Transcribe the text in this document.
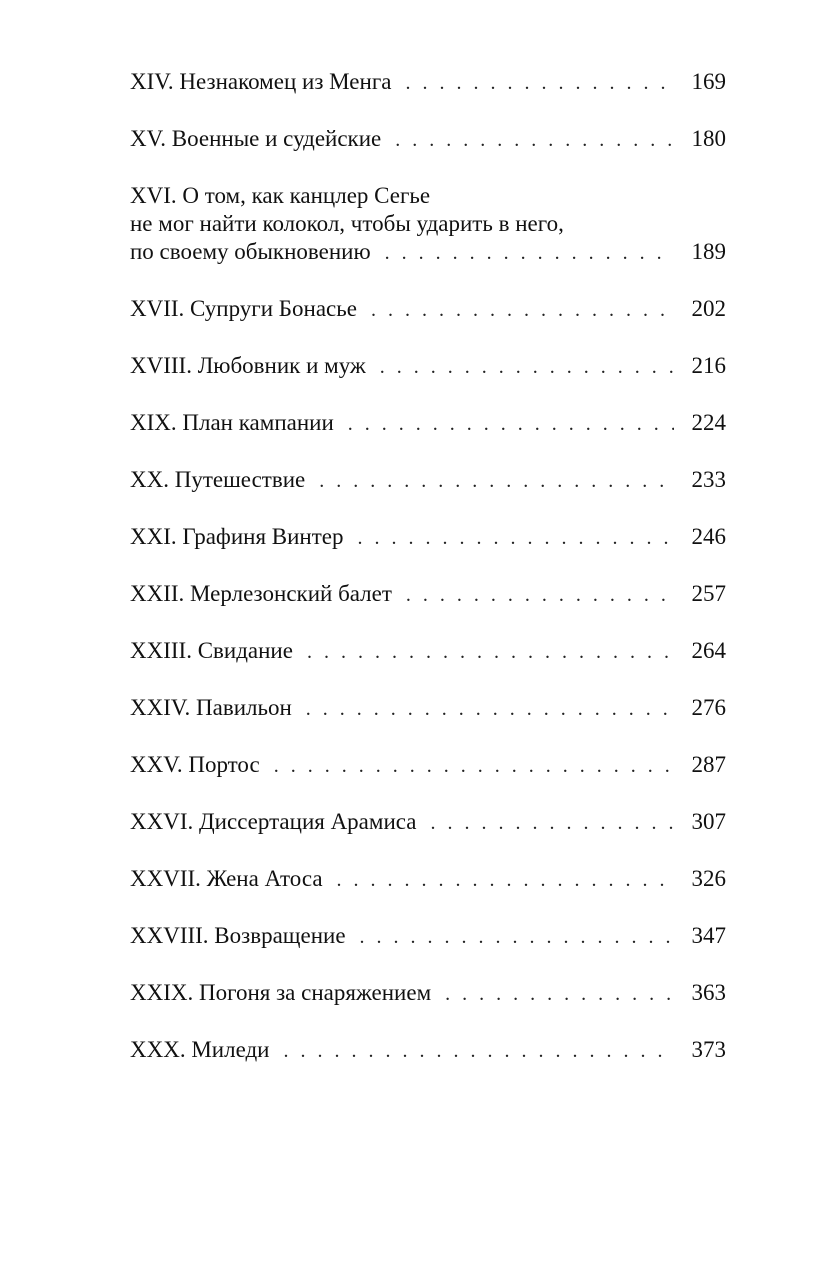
XIV. Незнакомец из Менга . . .	169
XV. Военные и судейские . . .	180
XVI. О том, как канцлер Сегье
не мог найти колокол, чтобы ударить в него,
по своему обыкновению . . .	189
XVII. Супруги Бонасье . . .	202
XVIII. Любовник и муж . . .	216
XIX. План кампании . . .	224
XX. Путешествие . . .	233
XXI. Графиня Винтер . . .	246
XXII. Мерлезонский балет . . .	257
XXIII. Свидание . . .	264
XXIV. Павильон . . .	276
XXV. Портос . . .	287
XXVI. Диссертация Арамиса . . .	307
XXVII. Жена Атоса . . .	326
XXVIII. Возвращение . . .	347
XXIX. Погоня за снаряжением . . .	363
XXX. Миледи . . .	373
